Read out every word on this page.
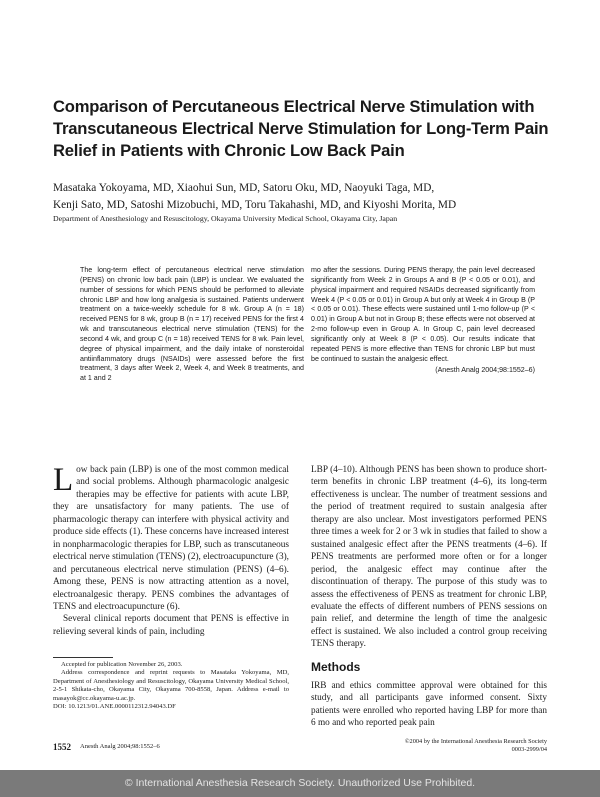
Comparison of Percutaneous Electrical Nerve Stimulation with Transcutaneous Electrical Nerve Stimulation for Long-Term Pain Relief in Patients with Chronic Low Back Pain
Masataka Yokoyama, MD, Xiaohui Sun, MD, Satoru Oku, MD, Naoyuki Taga, MD,
Kenji Sato, MD, Satoshi Mizobuchi, MD, Toru Takahashi, MD, and Kiyoshi Morita, MD
Department of Anesthesiology and Resuscitology, Okayama University Medical School, Okayama City, Japan

The long-term effect of percutaneous electrical nerve stimulation (PENS) on chronic low back pain (LBP) is unclear. We evaluated the number of sessions for which PENS should be performed to alleviate chronic LBP and how long analgesia is sustained. Patients underwent treatment on a twice-weekly schedule for 8 wk. Group A (n = 18) received PENS for 8 wk, group B (n = 17) received PENS for the first 4 wk and transcutaneous electrical nerve stimulation (TENS) for the second 4 wk, and group C (n = 18) received TENS for 8 wk. Pain level, degree of physical impairment, and the daily intake of nonsteroidal antiinflammatory drugs (NSAIDs) were assessed before the first treatment, 3 days after Week 2, Week 4, and Week 8 treatments, and at 1 and 2

mo after the sessions. During PENS therapy, the pain level decreased significantly from Week 2 in Groups A and B (P < 0.05 or 0.01), and physical impairment and required NSAIDs decreased significantly from Week 4 (P < 0.05 or 0.01) in Group A but only at Week 4 in Group B (P < 0.05 or 0.01). These effects were sustained until 1-mo follow-up (P < 0.01) in Group A but not in Group B; these effects were not observed at 2-mo follow-up even in Group A. In Group C, pain level decreased significantly only at Week 8 (P < 0.05). Our results indicate that repeated PENS is more effective than TENS for chronic LBP but must be continued to sustain the analgesic effect.

(Anesth Analg 2004;98:1552–6)

Low back pain (LBP) is one of the most common medical and social problems. Although pharmacologic analgesic therapies may be effective for patients with acute LBP, they are unsatisfactory for many patients. The use of pharmacologic therapy can interfere with physical activity and produce side effects (1). These concerns have increased interest in nonpharmacologic therapies for LBP, such as transcutaneous electrical nerve stimulation (TENS) (2), electroacupuncture (3), and percutaneous electrical nerve stimulation (PENS) (4–6). Among these, PENS is now attracting attention as a novel, electroanalgesic therapy. PENS combines the advantages of TENS and electroacupuncture (6).

Several clinical reports document that PENS is effective in relieving several kinds of pain, including

LBP (4–10). Although PENS has been shown to produce short-term benefits in chronic LBP treatment (4–6), its long-term effectiveness is unclear. The number of treatment sessions and the period of treatment required to sustain analgesia after therapy are also unclear. Most investigators performed PENS three times a week for 2 or 3 wk in studies that failed to show a sustained analgesic effect after the PENS treatments (4–6). If PENS treatments are performed more often or for a longer period, the analgesic effect may continue after the discontinuation of therapy. The purpose of this study was to assess the effectiveness of PENS as treatment for chronic LBP, evaluate the effects of different numbers of PENS sessions on pain relief, and determine the length of time the analgesic effect is sustained. We also included a control group receiving TENS therapy.

Accepted for publication November 26, 2003.

Address correspondence and reprint requests to Masataka Yokoyama, MD, Department of Anesthesiology and Resuscitology, Okayama University Medical School, 2-5-1 Shikata-cho, Okayama City, Okayama 700-8558, Japan. Address e-mail to masayok@cc.okayama-u.ac.jp.

DOI: 10.1213/01.ANE.0000112312.94043.DF

Methods

IRB and ethics committee approval were obtained for this study, and all participants gave informed consent. Sixty patients were enrolled who reported having LBP for more than 6 mo and who reported peak pain

1552 Anesth Analg 2004;98:1552–6
©2004 by the International Anesthesia Research Society
0003-2999/04
© International Anesthesia Research Society. Unauthorized Use Prohibited.
